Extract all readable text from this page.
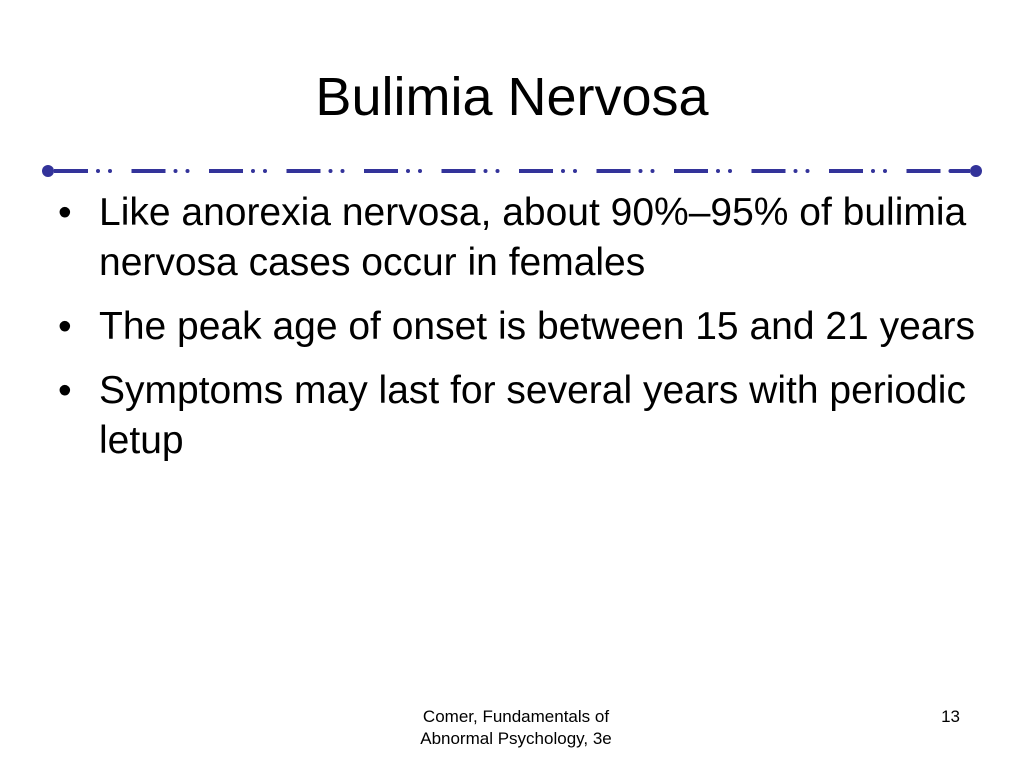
Bulimia Nervosa
• Like anorexia nervosa, about 90%–95% of bulimia nervosa cases occur in females
• The peak age of onset is between 15 and 21 years
• Symptoms may last for several years with periodic letup
Comer, Fundamentals of
Abnormal Psychology, 3e
13
